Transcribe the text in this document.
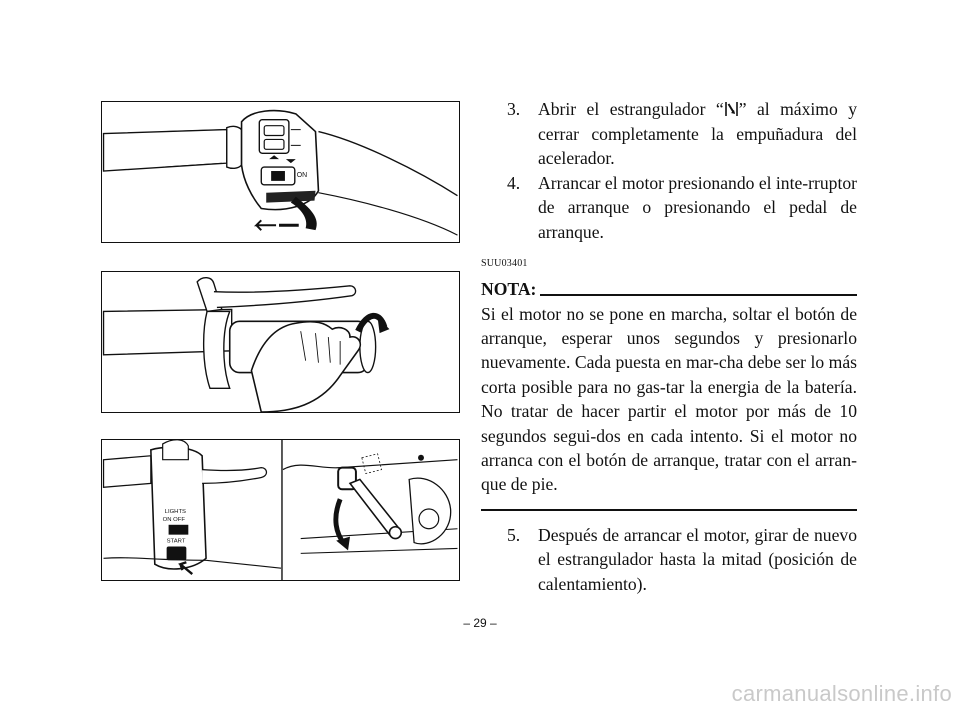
ON
LIGHTS
ON OFF
START

3. Abrir el estrangulador “ ” al máximo y cerrar completamente la empuñadura del acelerador.

4. Arrancar el motor presionando el inte-rruptor de arranque o presionando el pedal de arranque.

SUU03401
NOTA:

Si el motor no se pone en marcha, soltar el botón de arranque, esperar unos segundos y presionarlo nuevamente. Cada puesta en mar-cha debe ser lo más corta posible para no gas-tar la energia de la batería. No tratar de hacer partir el motor por más de 10 segundos segui-dos en cada intento. Si el motor no arranca con el botón de arranque, tratar con el arran-que de pie.

5. Después de arrancar el motor, girar de nuevo el estrangulador hasta la mitad (posición de calentamiento).

– 29 –
carmanualsonline.info
